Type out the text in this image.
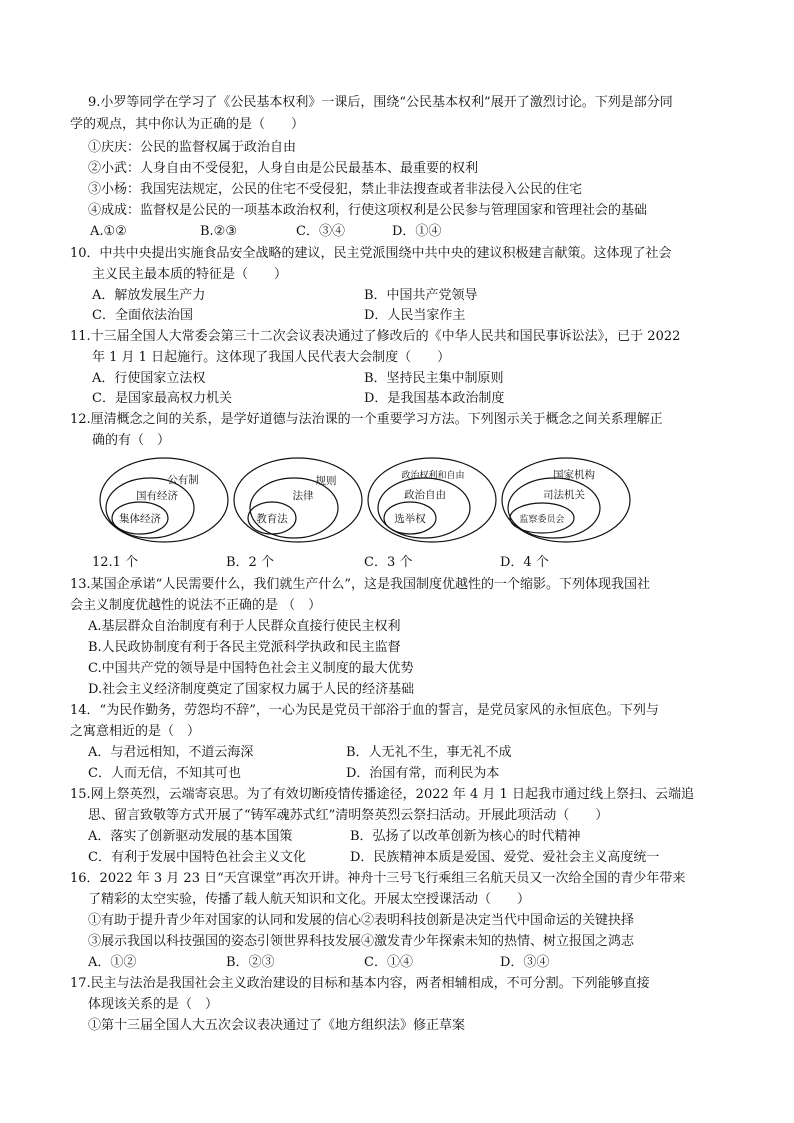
9.小罗等同学在学习了《公民基本权利》一课后，围绕“公民基本权利”展开了激烈讨论。下列是部分同
学的观点，其中你认为正确的是（　　）
①庆庆：公民的监督权属于政治自由
②小武：人身自由不受侵犯，人身自由是公民最基本、最重要的权利
③小杨：我国宪法规定，公民的住宅不受侵犯，禁止非法搜查或者非法侵入公民的住宅
④成成：监督权是公民的一项基本政治权利，行使这项权利是公民参与管理国家和管理社会的基础
A.①②	B.②③	C．③④	D．①④
10．中共中央提出实施食品安全战略的建议，民主党派围绕中共中央的建议积极建言献策。这体现了社会
主义民主最本质的特征是（　　）
A．解放发展生产力	B．中国共产党领导
C．全面依法治国	D．人民当家作主
11.十三届全国人大常委会第三十二次会议表决通过了修改后的《中华人民共和国民事诉讼法》，已于 2022
年 1 月 1 日起施行。这体现了我国人民代表大会制度（　　）
A．行使国家立法权	B．坚持民主集中制原则
C．是国家最高权力机关	D．是我国基本政治制度
12.厘清概念之间的关系，是学好道德与法治课的一个重要学习方法。下列图示关于概念之间关系理解正
确的有（　）
公有制
国有经济
集体经济
规则
法律
教育法
政治权利和自由
政治自由
选举权
国家机构
司法机关
监察委员会
12.1 个	B．2 个	C．3 个	D．4 个
13.某国企承诺“人民需要什么，我们就生产什么”，这是我国制度优越性的一个缩影。下列体现我国社
会主义制度优越性的说法不正确的是 （　）
A.基层群众自治制度有利于人民群众直接行使民主权利
B.人民政协制度有利于各民主党派科学执政和民主监督
C.中国共产党的领导是中国特色社会主义制度的最大优势
D.社会主义经济制度奠定了国家权力属于人民的经济基础
14．“为民作勤务，劳怨均不辞”，一心为民是党员干部浴于血的誓言，是党员家风的永恒底色。下列与
之寓意相近的是（　）
A．与君远相知，不道云海深	B．人无礼不生，事无礼不成
C．人而无信，不知其可也	D．治国有常，而利民为本
15.网上祭英烈，云端寄哀思。为了有效切断疫情传播途径，2022 年 4 月 1 日起我市通过线上祭扫、云端追
思、留言致敬等方式开展了“铸军魂苏式红”清明祭英烈云祭扫活动。开展此项活动（　　）
A．落实了创新驱动发展的基本国策	B．弘扬了以改革创新为核心的时代精神
C．有利于发展中国特色社会主义文化	D．民族精神本质是爱国、爱党、爱社会主义高度统一
16．2022 年 3 月 23 日“天宫课堂”再次开讲。神舟十三号飞行乘组三名航天员又一次给全国的青少年带来
了精彩的太空实验，传播了载人航天知识和文化。开展太空授课活动（　　）
①有助于提升青少年对国家的认同和发展的信心②表明科技创新是决定当代中国命运的关键抉择
③展示我国以科技强国的姿态引领世界科技发展④激发青少年探索未知的热情、树立报国之鸿志
A．①②	B．②③	C．①④	D．③④
17.民主与法治是我国社会主义政治建设的目标和基本内容，两者相辅相成，不可分割。下列能够直接
体现该关系的是（　）
①第十三届全国人大五次会议表决通过了《地方组织法》修正草案
